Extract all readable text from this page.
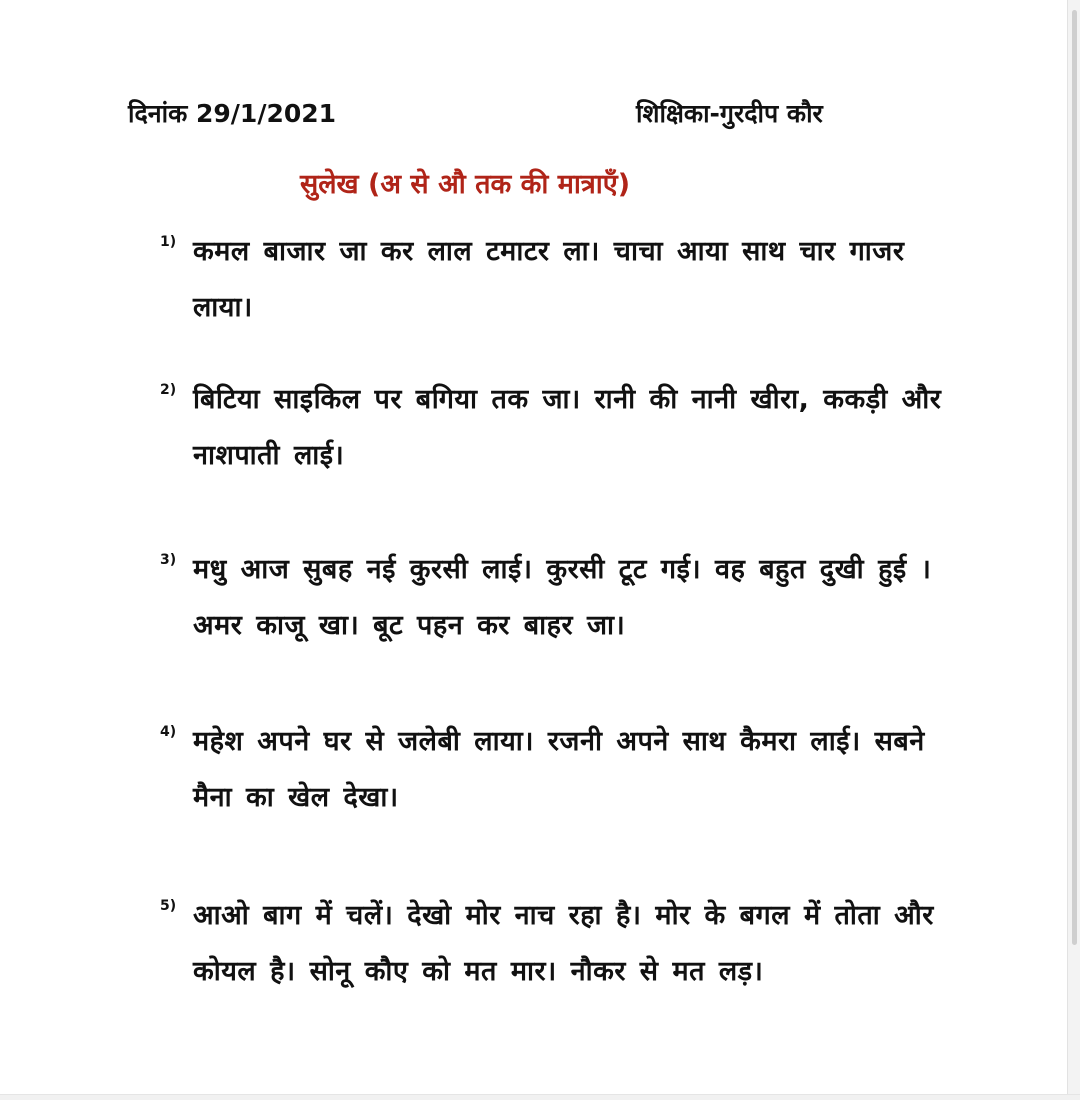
दिनांक 29/1/2021	शिक्षिका-गुरदीप कौर
सुलेख (अ से औ तक की मात्राएँ)
1) कमल बाजार जा कर लाल टमाटर ला। चाचा आया साथ चार गाजर लाया।
2) बिटिया साइकिल पर बगिया तक जा। रानी की नानी खीरा, ककड़ी और नाशपाती लाई।
3) मधु आज सुबह नई कुरसी लाई। कुरसी टूट गई। वह बहुत दुखी हुई । अमर काजू खा। बूट पहन कर बाहर जा।
4) महेश अपने घर से जलेबी लाया। रजनी अपने साथ कैमरा लाई। सबने मैना का खेल देखा।
5) आओ बाग में चलें। देखो मोर नाच रहा है। मोर के बगल में तोता और कोयल है। सोनू कौए को मत मार। नौकर से मत लड़।
